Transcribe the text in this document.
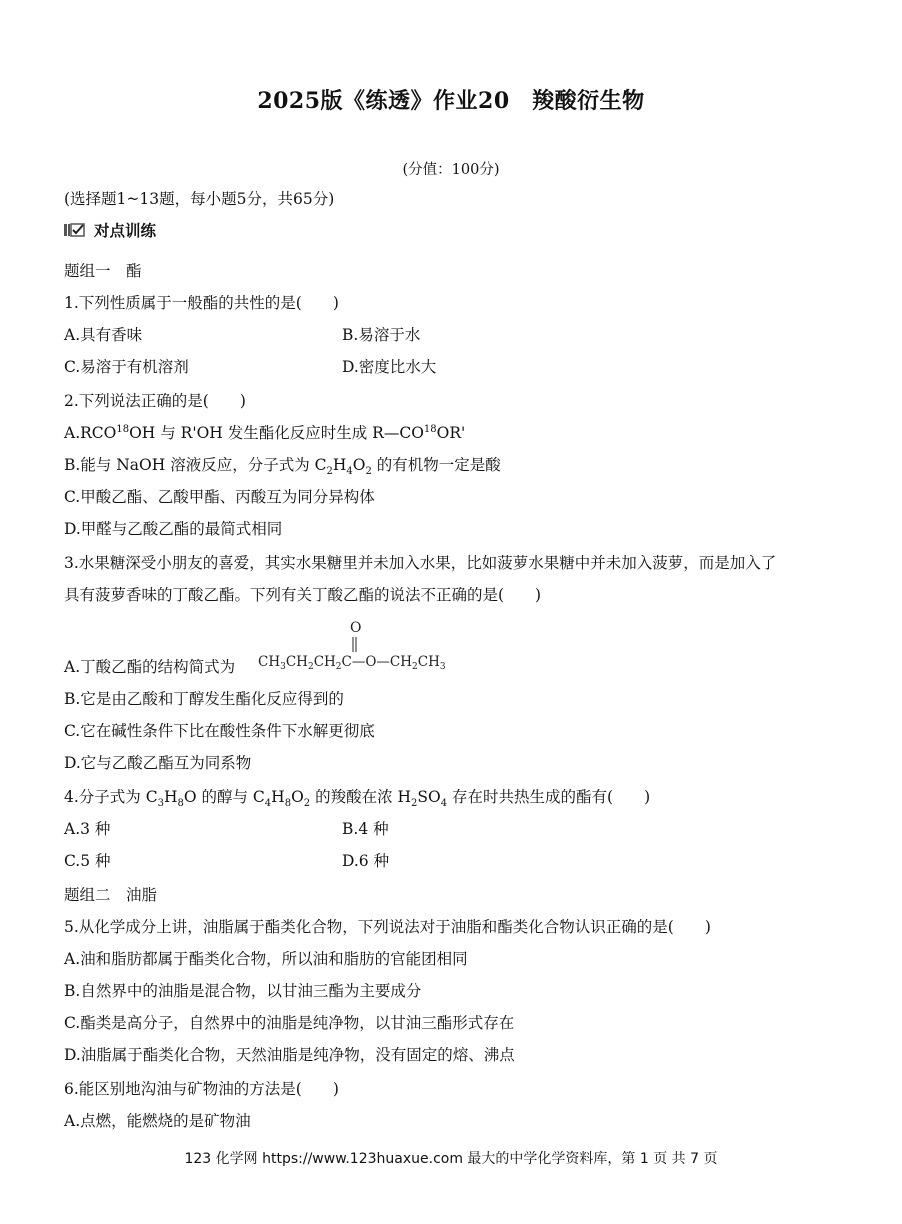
2025版《练透》作业20　羧酸衍生物
(分值：100分)
(选择题1~13题，每小题5分，共65分)
对点训练
题组一　酯
1.下列性质属于一般酯的共性的是(　　)
A.具有香味	B.易溶于水
C.易溶于有机溶剂	D.密度比水大
2.下列说法正确的是(　　)
A.RCO$^{18}$OH 与 R'OH 发生酯化反应时生成 R—CO$^{18}$OR'
B.能与 NaOH 溶液反应，分子式为 $C_2H_4O_2$ 的有机物一定是酸
C.甲酸乙酯、乙酸甲酯、丙酸互为同分异构体
D.甲醛与乙酸乙酯的最简式相同
3.水果糖深受小朋友的喜爱，其实水果糖里并未加入水果，比如菠萝水果糖中并未加入菠萝，而是加入了
具有菠萝香味的丁酸乙酯。下列有关丁酸乙酯的说法不正确的是(　　)
A.丁酸乙酯的结构简式为
O
$CH_3CH_2CH_2C—O—CH_2CH_3$
B.它是由乙酸和丁醇发生酯化反应得到的
C.它在碱性条件下比在酸性条件下水解更彻底
D.它与乙酸乙酯互为同系物
4.分子式为 $C_3H_8O$ 的醇与 $C_4H_8O_2$ 的羧酸在浓 $H_2SO_4$ 存在时共热生成的酯有(　　)
A.3 种	B.4 种
C.5 种	D.6 种
题组二　油脂
5.从化学成分上讲，油脂属于酯类化合物，下列说法对于油脂和酯类化合物认识正确的是(　　)
A.油和脂肪都属于酯类化合物，所以油和脂肪的官能团相同
B.自然界中的油脂是混合物，以甘油三酯为主要成分
C.酯类是高分子，自然界中的油脂是纯净物，以甘油三酯形式存在
D.油脂属于酯类化合物，天然油脂是纯净物，没有固定的熔、沸点
6.能区别地沟油与矿物油的方法是(　　)
A.点燃，能燃烧的是矿物油
123 化学网 https://www.123huaxue.com 最大的中学化学资料库，第 1 页 共 7 页
